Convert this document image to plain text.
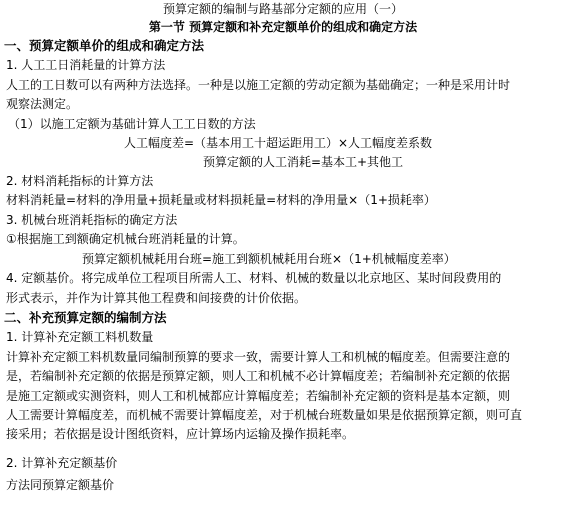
预算定额的编制与路基部分定额的应用（一）
第一节 预算定额和补充定额单价的组成和确定方法
一、预算定额单价的组成和确定方法
1. 人工工日消耗量的计算方法
人工的工日数可以有两种方法选择。一种是以施工定额的劳动定额为基础确定；一种是采用计时
观察法测定。
（1）以施工定额为基础计算人工工日数的方法
人工幅度差=（基本用工十超运距用工）×人工幅度差系数
预算定额的人工消耗=基本工+其他工
2. 材料消耗指标的计算方法
材料消耗量=材料的净用量+损耗量或材料损耗量=材料的净用量×（1+损耗率）
3. 机械台班消耗指标的确定方法
①根据施工到额确定机械台班消耗量的计算。
预算定额机械耗用台班=施工到额机械耗用台班×（1+机械幅度差率）
4. 定额基价。将完成单位工程项目所需人工、材料、机械的数量以北京地区、某时间段费用的
形式表示，并作为计算其他工程费和间接费的计价依据。
二、补充预算定额的编制方法
1. 计算补充定额工料机数量
计算补充定额工料机数量同编制预算的要求一致，需要计算人工和机械的幅度差。但需要注意的
是，若编制补充定额的依据是预算定额，则人工和机械不必计算幅度差；若编制补充定额的依据
是施工定额或实测资料，则人工和机械都应计算幅度差；若编制补充定额的资料是基本定额，则
人工需要计算幅度差，而机械不需要计算幅度差，对于机械台班数量如果是依据预算定额，则可直
接采用；若依据是设计图纸资料，应计算场内运输及操作损耗率。
2. 计算补充定额基价
方法同预算定额基价
